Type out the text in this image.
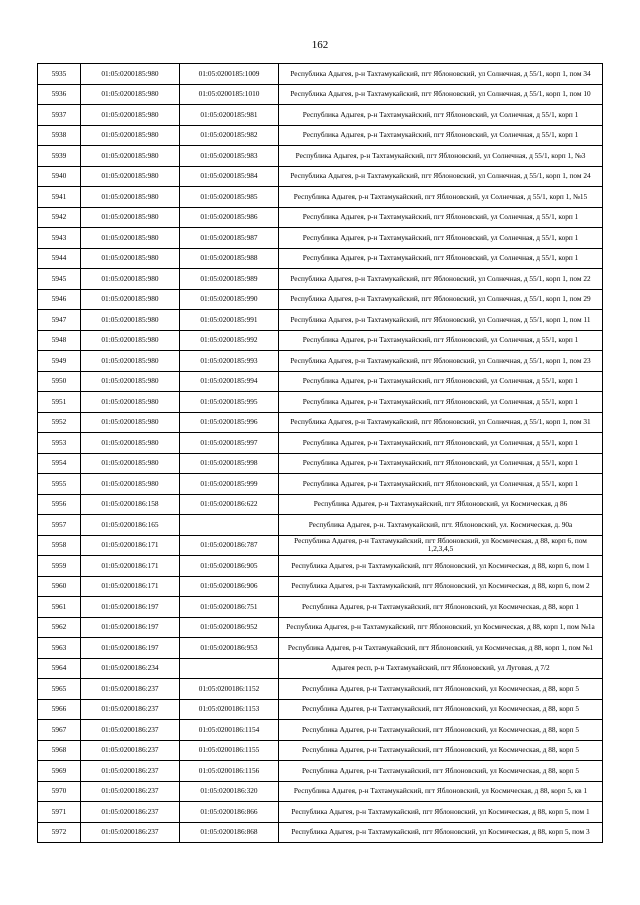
162
5935	01:05:0200185:980	01:05:0200185:1009	Республика Адыгея, р-н Тахтамукайский, пгт Яблоновский, ул Солнечная, д 55/1, корп 1, пом 34
5936	01:05:0200185:980	01:05:0200185:1010	Республика Адыгея, р-н Тахтамукайский, пгт Яблоновский, ул Солнечная, д 55/1, корп 1, пом 10
5937	01:05:0200185:980	01:05:0200185:981	Республика Адыгея, р-н Тахтамукайский, пгт Яблоновский, ул Солнечная, д 55/1, корп 1
5938	01:05:0200185:980	01:05:0200185:982	Республика Адыгея, р-н Тахтамукайский, пгт Яблоновский, ул Солнечная, д 55/1, корп 1
5939	01:05:0200185:980	01:05:0200185:983	Республика Адыгея, р-н Тахтамукайский, пгт Яблоновский, ул Солнечная, д 55/1, корп 1, №3
5940	01:05:0200185:980	01:05:0200185:984	Республика Адыгея, р-н Тахтамукайский, пгт Яблоновский, ул Солнечная, д 55/1, корп 1, пом 24
5941	01:05:0200185:980	01:05:0200185:985	Республика Адыгея, р-н Тахтамукайский, пгт Яблоновский, ул Солнечная, д 55/1, корп 1, №15
5942	01:05:0200185:980	01:05:0200185:986	Республика Адыгея, р-н Тахтамукайский, пгт Яблоновский, ул Солнечная, д 55/1, корп 1
5943	01:05:0200185:980	01:05:0200185:987	Республика Адыгея, р-н Тахтамукайский, пгт Яблоновский, ул Солнечная, д 55/1, корп 1
5944	01:05:0200185:980	01:05:0200185:988	Республика Адыгея, р-н Тахтамукайский, пгт Яблоновский, ул Солнечная, д 55/1, корп 1
5945	01:05:0200185:980	01:05:0200185:989	Республика Адыгея, р-н Тахтамукайский, пгт Яблоновский, ул Солнечная, д 55/1, корп 1, пом 22
5946	01:05:0200185:980	01:05:0200185:990	Республика Адыгея, р-н Тахтамукайский, пгт Яблоновский, ул Солнечная, д 55/1, корп 1, пом 29
5947	01:05:0200185:980	01:05:0200185:991	Республика Адыгея, р-н Тахтамукайский, пгт Яблоновский, ул Солнечная, д 55/1, корп 1, пом 11
5948	01:05:0200185:980	01:05:0200185:992	Республика Адыгея, р-н Тахтамукайский, пгт Яблоновский, ул Солнечная, д 55/1, корп 1
5949	01:05:0200185:980	01:05:0200185:993	Республика Адыгея, р-н Тахтамукайский, пгт Яблоновский, ул Солнечная, д 55/1, корп 1, пом 23
5950	01:05:0200185:980	01:05:0200185:994	Республика Адыгея, р-н Тахтамукайский, пгт Яблоновский, ул Солнечная, д 55/1, корп 1
5951	01:05:0200185:980	01:05:0200185:995	Республика Адыгея, р-н Тахтамукайский, пгт Яблоновский, ул Солнечная, д 55/1, корп 1
5952	01:05:0200185:980	01:05:0200185:996	Республика Адыгея, р-н Тахтамукайский, пгт Яблоновский, ул Солнечная, д 55/1, корп 1, пом 31
5953	01:05:0200185:980	01:05:0200185:997	Республика Адыгея, р-н Тахтамукайский, пгт Яблоновский, ул Солнечная, д 55/1, корп 1
5954	01:05:0200185:980	01:05:0200185:998	Республика Адыгея, р-н Тахтамукайский, пгт Яблоновский, ул Солнечная, д 55/1, корп 1
5955	01:05:0200185:980	01:05:0200185:999	Республика Адыгея, р-н Тахтамукайский, пгт Яблоновский, ул Солнечная, д 55/1, корп 1
5956	01:05:0200186:158	01:05:0200186:622	Республика Адыгея, р-н Тахтамукайский, пгт Яблоновский, ул Космическая, д 86
5957	01:05:0200186:165		Республика Адыгея, р-н. Тахтамукайский, пгт. Яблоновский, ул. Космическая, д. 90а
5958	01:05:0200186:171	01:05:0200186:787	Республика Адыгея, р-н Тахтамукайский, пгт Яблоновский, ул Космическая, д 88, корп 6, пом 1,2,3,4,5
5959	01:05:0200186:171	01:05:0200186:905	Республика Адыгея, р-н Тахтамукайский, пгт Яблоновский, ул Космическая, д 88, корп 6, пом 1
5960	01:05:0200186:171	01:05:0200186:906	Республика Адыгея, р-н Тахтамукайский, пгт Яблоновский, ул Космическая, д 88, корп 6, пом 2
5961	01:05:0200186:197	01:05:0200186:751	Республика Адыгея, р-н Тахтамукайский, пгт Яблоновский, ул Космическая, д 88, корп 1
5962	01:05:0200186:197	01:05:0200186:952	Республика Адыгея, р-н Тахтамукайский, пгт Яблоновский, ул Космическая, д 88, корп 1, пом №1а
5963	01:05:0200186:197	01:05:0200186:953	Республика Адыгея, р-н Тахтамукайский, пгт Яблоновский, ул Космическая, д 88, корп 1, пом №1
5964	01:05:0200186:234		Адыгея респ, р-н Тахтамукайский, пгт Яблоновский, ул Луговая, д 7/2
5965	01:05:0200186:237	01:05:0200186:1152	Республика Адыгея, р-н Тахтамукайский, пгт Яблоновский, ул Космическая, д 88, корп 5
5966	01:05:0200186:237	01:05:0200186:1153	Республика Адыгея, р-н Тахтамукайский, пгт Яблоновский, ул Космическая, д 88, корп 5
5967	01:05:0200186:237	01:05:0200186:1154	Республика Адыгея, р-н Тахтамукайский, пгт Яблоновский, ул Космическая, д 88, корп 5
5968	01:05:0200186:237	01:05:0200186:1155	Республика Адыгея, р-н Тахтамукайский, пгт Яблоновский, ул Космическая, д 88, корп 5
5969	01:05:0200186:237	01:05:0200186:1156	Республика Адыгея, р-н Тахтамукайский, пгт Яблоновский, ул Космическая, д 88, корп 5
5970	01:05:0200186:237	01:05:0200186:320	Республика Адыгея, р-н Тахтамукайский, пгт Яблоновский, ул Космическая, д 88, корп 5, кв 1
5971	01:05:0200186:237	01:05:0200186:866	Республика Адыгея, р-н Тахтамукайский, пгт Яблоновский, ул Космическая, д 88, корп 5, пом 1
5972	01:05:0200186:237	01:05:0200186:868	Республика Адыгея, р-н Тахтамукайский, пгт Яблоновский, ул Космическая, д 88, корп 5, пом 3
